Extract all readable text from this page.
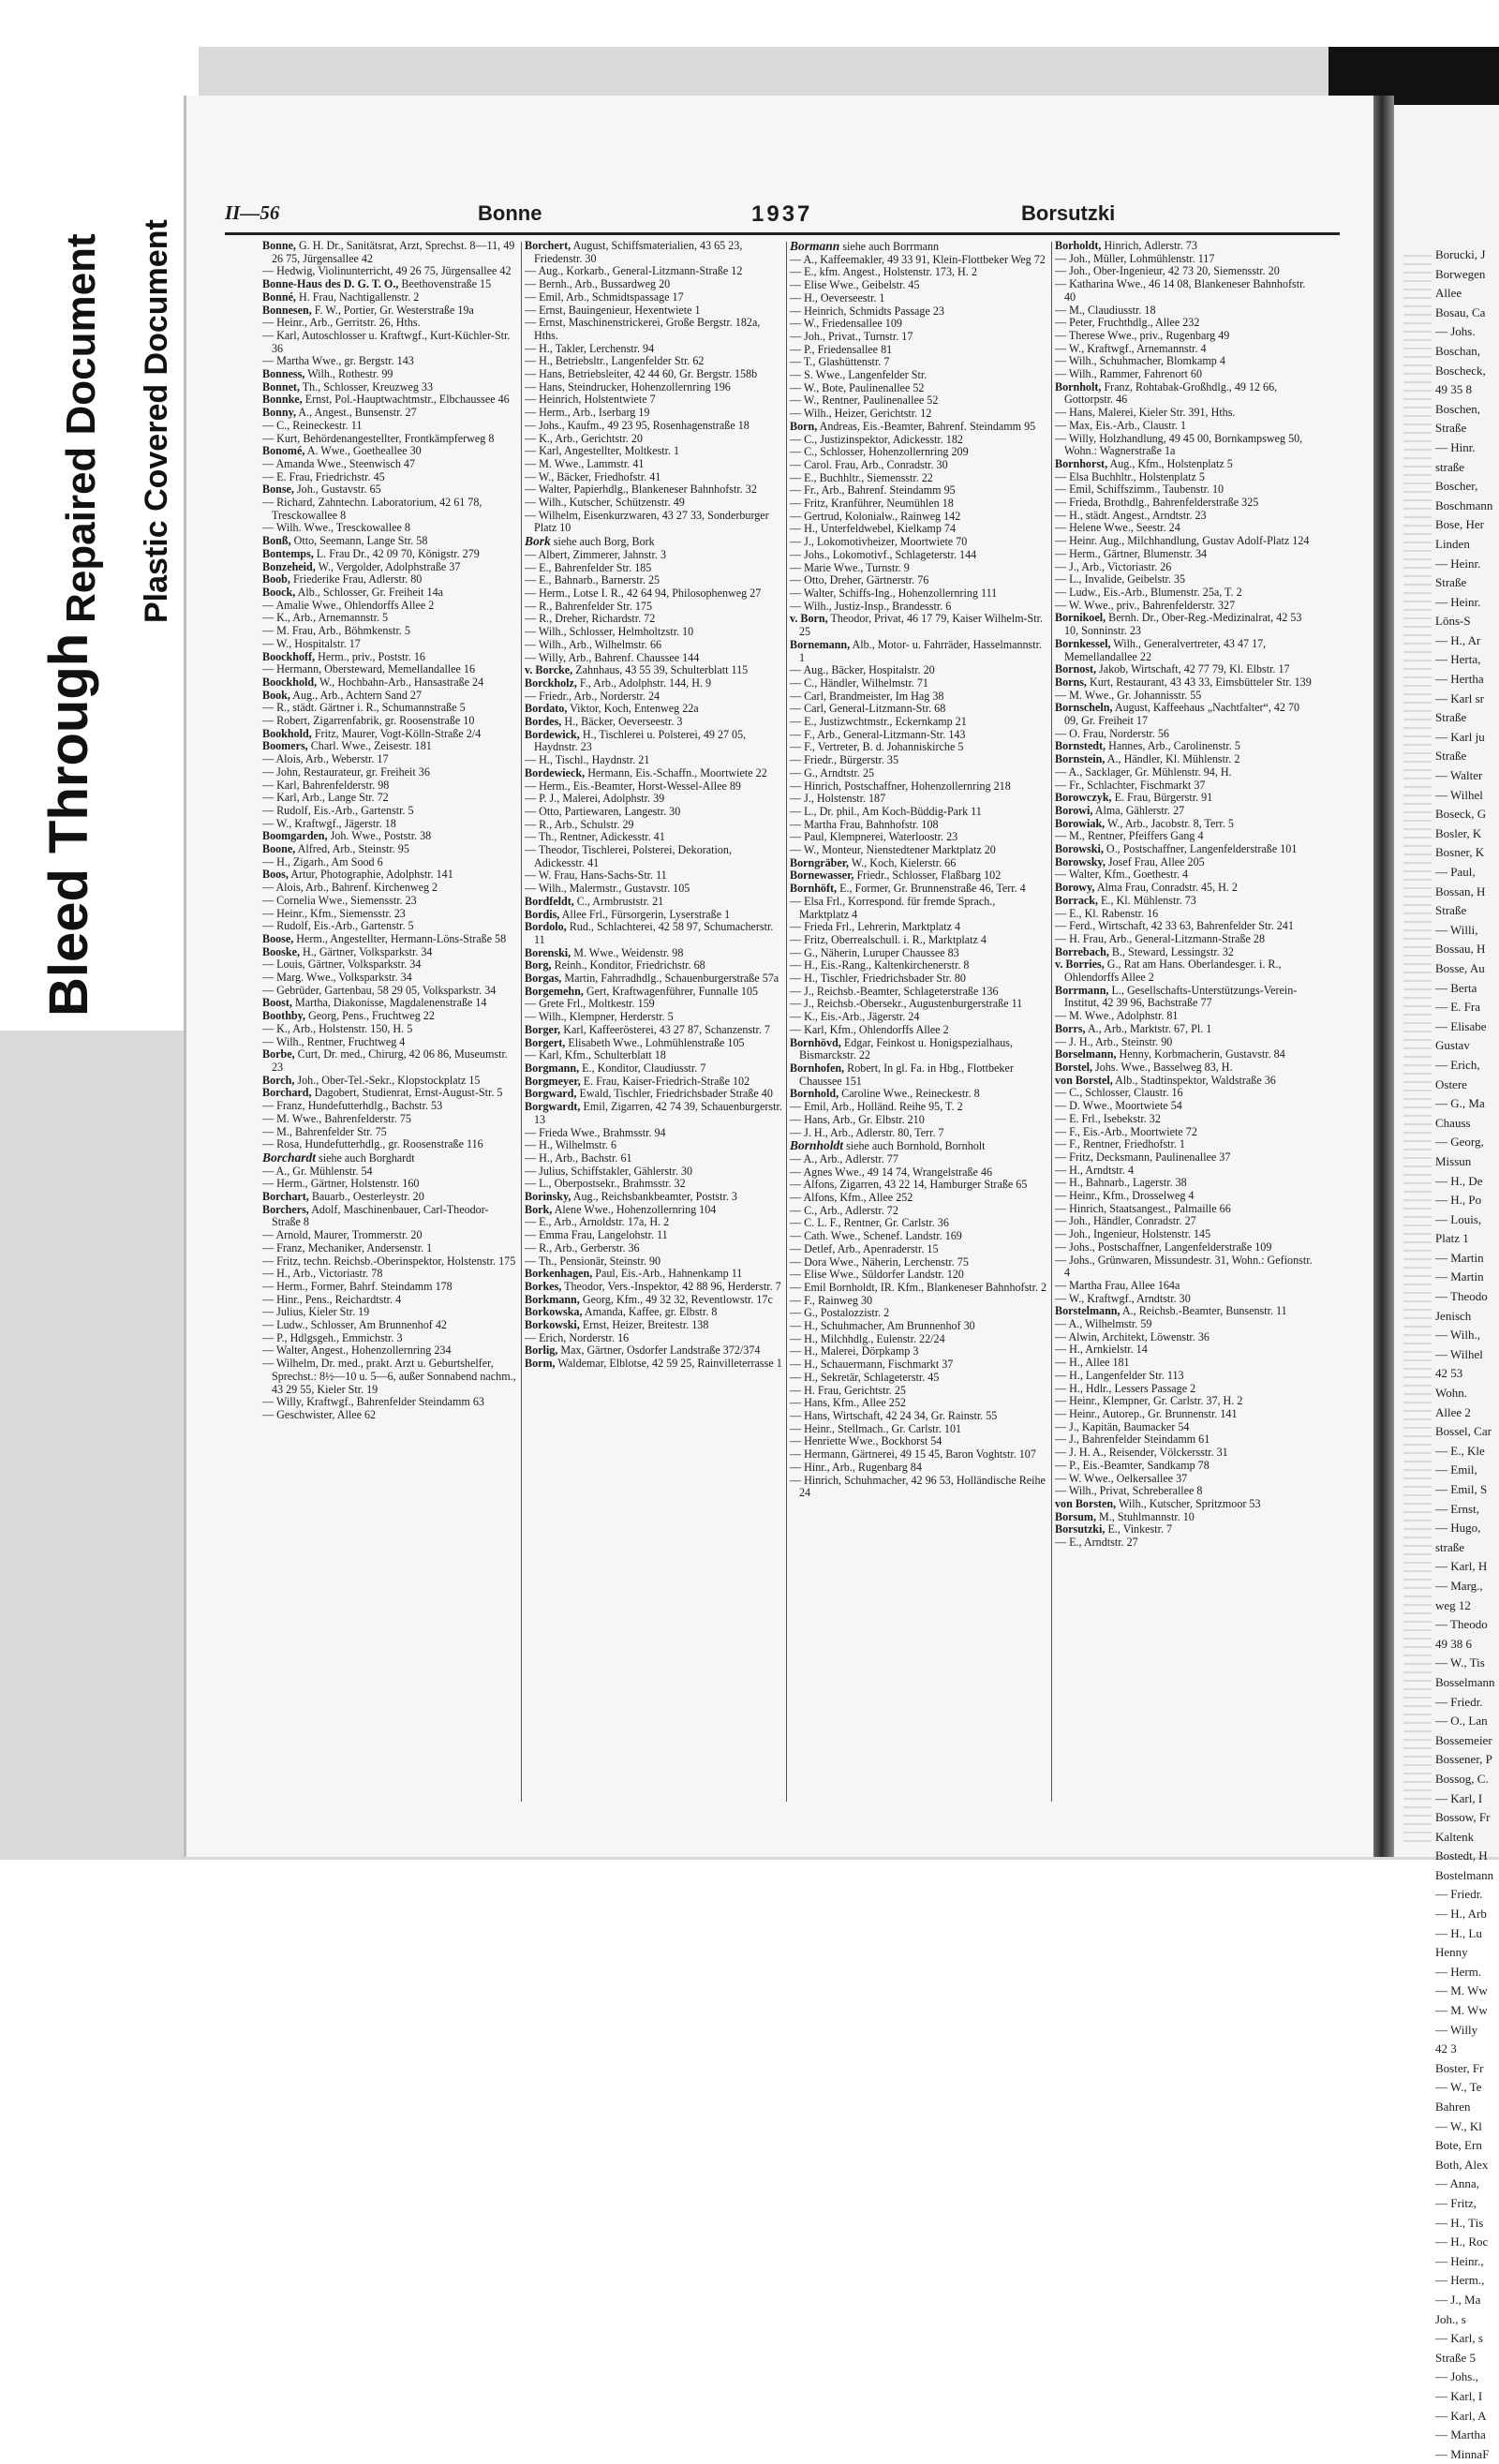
Bleed Through
Repaired Document Plastic Covered Document	Borucki, J
Borwegen
Allee
Bosau, Ca
— Johs.
Boschan,
Boscheck,
49 35 8
Boschen,
Straße
— Hinr.
straße
Boscher,
Boschmann
Bose, Her
Linden
— Heinr.
Straße
— Heinr.
Löns-S
— H., Ar
— Herta,
— Hertha
— Karl sr
Straße
— Karl ju
Straße
— Walter
— Wilhel
Boseck, G
Bosler, K
Bosner, K
— Paul,
Bossan, H
Straße
— Willi,
Bossau, H
Bosse, Au
— Berta
— E. Fra
— Elisabe
Gustav
— Erich,
Ostere
— G., Ma
Chauss
— Georg,
Missun
— H., De
— H., Po
— Louis,
Platz 1
— Martin
— Martin
— Theodo
Jenisch
— Wilh.,
— Wilhel
42 53
Wohn.
Allee 2
Bossel, Car
— E., Kle
— Emil,
— Emil, S
— Ernst,
— Hugo,
straße
— Karl, H
— Marg.,
weg 12
— Theodo
49 38 6
— W., Tis
Bosselmann
— Friedr.
— O., Lan
Bossemeier
Bossener, P
Bossog, C.
— Karl, I
Bossow, Fr
Kaltenk
Bostedt, H
Bostelmann
— Friedr.
— H., Arb
— H., Lu
Henny
— Herm.
— M. Ww
— M. Ww
— Willy
42 3
Boster, Fr
— W., Te
Bahren
— W., Kl
Bote, Ern
Both, Alex
— Anna,
— Fritz,
— H., Tis
— H., Roc
— Heinr.,
— Herm.,
— J., Ma
Joh., s
— Karl, s
Straße 5
— Johs.,
— Karl, I
— Karl, A
— Martha
— MinnaF
II—56	Bonne	1937	Borsutzki
Bonne, G. H. Dr., Sanitätsrat, Arzt, Sprechst. 8—11, 49 26 75, Jürgensallee 42
— Hedwig, Violinunterricht, 49 26 75, Jürgensallee 42
Bonne-Haus des D. G. T. O., Beethovenstraße 15
Bonné, H. Frau, Nachtigallenstr. 2
Bonnesen, F. W., Portier, Gr. Westerstraße 19a
— Heinr., Arb., Gerritstr. 26, Hths.
— Karl, Autoschlosser u. Kraftwgf., Kurt-Küchler-Str. 36
— Martha Wwe., gr. Bergstr. 143
Bonness, Wilh., Rothestr. 99
Bonnet, Th., Schlosser, Kreuzweg 33
Bonnke, Ernst, Pol.-Hauptwachtmstr., Elbchaussee 46
Bonny, A., Angest., Bunsenstr. 27
— C., Reineckestr. 11
— Kurt, Behördenangestellter, Frontkämpferweg 8
Bonomé, A. Wwe., Goetheallee 30
— Amanda Wwe., Steenwisch 47
— E. Frau, Friedrichstr. 45
Bonse, Joh., Gustavstr. 65
— Richard, Zahntechn. Laboratorium, 42 61 78, Tresckowallee 8
— Wilh. Wwe., Tresckowallee 8
Bonß, Otto, Seemann, Lange Str. 58
Bontemps, L. Frau Dr., 42 09 70, Königstr. 279
Bonzeheid, W., Vergolder, Adolphstraße 37
Boob, Friederike Frau, Adlerstr. 80
Boock, Alb., Schlosser, Gr. Freiheit 14a
— Amalie Wwe., Ohlendorffs Allee 2
— K., Arb., Arnemannstr. 5
— M. Frau, Arb., Böhmkenstr. 5
— W., Hospitalstr. 17
Boockhoff, Herm., priv., Poststr. 16
— Hermann, Obersteward, Memellandallee 16
Boockhold, W., Hochbahn-Arb., Hansastraße 24
Book, Aug., Arb., Achtern Sand 27
— R., städt. Gärtner i. R., Schumannstraße 5
— Robert, Zigarrenfabrik, gr. Roosenstraße 10
Bookhold, Fritz, Maurer, Vogt-Kölln-Straße 2/4
Boomers, Charl. Wwe., Zeisestr. 181
— Alois, Arb., Weberstr. 17
— John, Restaurateur, gr. Freiheit 36
— Karl, Bahrenfelderstr. 98
— Karl, Arb., Lange Str. 72
— Rudolf, Eis.-Arb., Gartenstr. 5
— W., Kraftwgf., Jägerstr. 18
Boomgarden, Joh. Wwe., Poststr. 38
Boone, Alfred, Arb., Steinstr. 95
— H., Zigarh., Am Sood 6
Boos, Artur, Photographie, Adolphstr. 141
— Alois, Arb., Bahrenf. Kirchenweg 2
— Cornelia Wwe., Siemensstr. 23
— Heinr., Kfm., Siemensstr. 23
— Rudolf, Eis.-Arb., Gartenstr. 5
Boose, Herm., Angestellter, Hermann-Löns-Straße 58
Booske, H., Gärtner, Volksparkstr. 34
— Louis, Gärtner, Volksparkstr. 34
— Marg. Wwe., Volksparkstr. 34
— Gebrüder, Gartenbau, 58 29 05, Volksparkstr. 34
Boost, Martha, Diakonisse, Magdalenenstraße 14
Boothby, Georg, Pens., Fruchtweg 22
— K., Arb., Holstenstr. 150, H. 5
— Wilh., Rentner, Fruchtweg 4
Borbe, Curt, Dr. med., Chirurg, 42 06 86, Museumstr. 23
Borch, Joh., Ober-Tel.-Sekr., Klopstockplatz 15
Borchard, Dagobert, Studienrat, Ernst-August-Str. 5
— Franz, Hundefutterhdlg., Bachstr. 53
— M. Wwe., Bahrenfelderstr. 75
— M., Bahrenfelder Str. 75
— Rosa, Hundefutterhdlg., gr. Roosenstraße 116
Borchardt siehe auch Borghardt
— A., Gr. Mühlenstr. 54
— Herm., Gärtner, Holstenstr. 160
Borchart, Bauarb., Oesterleystr. 20
Borchers, Adolf, Maschinenbauer, Carl-Theodor-Straße 8
— Arnold, Maurer, Trommerstr. 20
— Franz, Mechaniker, Andersenstr. 1
— Fritz, techn. Reichsb.-Oberinspektor, Holstenstr. 175
— H., Arb., Victoriastr. 78
— Herm., Former, Bahrf. Steindamm 178
— Hinr., Pens., Reichardtstr. 4
— Julius, Kieler Str. 19
— Ludw., Schlosser, Am Brunnenhof 42
— P., Hdlgsgeh., Emmichstr. 3
— Walter, Angest., Hohenzollernring 234
— Wilhelm, Dr. med., prakt. Arzt u. Geburtshelfer, Sprechst.: 8½—10 u. 5—6, außer Sonnabend nachm., 43 29 55, Kieler Str. 19
— Willy, Kraftwgf., Bahrenfelder Steindamm 63
— Geschwister, Allee 62
Borchert, August, Schiffsmaterialien, 43 65 23, Friedenstr. 30
— Aug., Korkarb., General-Litzmann-Straße 12
— Bernh., Arb., Bussardweg 20
— Emil, Arb., Schmidtspassage 17
— Ernst, Bauingenieur, Hexentwiete 1
— Ernst, Maschinenstrickerei, Große Bergstr. 182a, Hths.
— H., Takler, Lerchenstr. 94
— H., Betriebsltr., Langenfelder Str. 62
— Hans, Betriebsleiter, 42 44 60, Gr. Bergstr. 158b
— Hans, Steindrucker, Hohenzollernring 196
— Heinrich, Holstentwiete 7
— Herm., Arb., Iserbarg 19
— Johs., Kaufm., 49 23 95, Rosenhagenstraße 18
— K., Arb., Gerichtstr. 20
— Karl, Angestellter, Moltkestr. 1
— M. Wwe., Lammstr. 41
— W., Bäcker, Friedhofstr. 41
— Walter, Papierhdlg., Blankeneser Bahnhofstr. 32
— Wilh., Kutscher, Schützenstr. 49
— Wilhelm, Eisenkurzwaren, 43 27 33, Sonderburger Platz 10
Bork siehe auch Borg, Bork
— Albert, Zimmerer, Jahnstr. 3
— E., Bahrenfelder Str. 185
— E., Bahnarb., Barnerstr. 25
— Herm., Lotse I. R., 42 64 94, Philosophenweg 27
— R., Bahrenfelder Str. 175
— R., Dreher, Richardstr. 72
— Wilh., Schlosser, Helmholtzstr. 10
— Wilh., Arb., Wilhelmstr. 66
— Willy, Arb., Bahrenf. Chaussee 144
v. Borcke, Zahnhaus, 43 55 39, Schulterblatt 115
Borckholz, F., Arb., Adolphstr. 144, H. 9
— Friedr., Arb., Norderstr. 24
Bordato, Viktor, Koch, Entenweg 22a
Bordes, H., Bäcker, Oeverseestr. 3
Bordewick, H., Tischlerei u. Polsterei, 49 27 05, Haydnstr. 23
— H., Tischl., Haydnstr. 21
Bordewieck, Hermann, Eis.-Schaffn., Moortwiete 22
— Herm., Eis.-Beamter, Horst-Wessel-Allee 89
— P. J., Malerei, Adolphstr. 39
— Otto, Partiewaren, Langestr. 30
— R., Arb., Schulstr. 29
— Th., Rentner, Adickesstr. 41
— Theodor, Tischlerei, Polsterei, Dekoration, Adickesstr. 41
— W. Frau, Hans-Sachs-Str. 11
— Wilh., Malermstr., Gustavstr. 105
Bordfeldt, C., Armbruststr. 21
Bordis, Allee Frl., Fürsorgerin, Lyserstraße 1
Bordolo, Rud., Schlachterei, 42 58 97, Schumacherstr. 11
Borenski, M. Wwe., Weidenstr. 98
Borg, Reinh., Konditor, Friedrichstr. 68
Borgas, Martin, Fahrradhdlg., Schauenburgerstraße 57a
Borgemehn, Gert, Kraftwagenführer, Funnalle 105
— Grete Frl., Moltkestr. 159
— Wilh., Klempner, Herderstr. 5
Borger, Karl, Kaffeerösterei, 43 27 87, Schanzenstr. 7
Borgert, Elisabeth Wwe., Lohmühlenstraße 105
— Karl, Kfm., Schulterblatt 18
Borgmann, E., Konditor, Claudiusstr. 7
Borgmeyer, E. Frau, Kaiser-Friedrich-Straße 102
Borgward, Ewald, Tischler, Friedrichsbader Straße 40
Borgwardt, Emil, Zigarren, 42 74 39, Schauenburgerstr. 13
— Frieda Wwe., Brahmsstr. 94
— H., Wilhelmstr. 6
— H., Arb., Bachstr. 61
— Julius, Schiffstakler, Gählerstr. 30
— L., Oberpostsekr., Brahmsstr. 32
Borinsky, Aug., Reichsbankbeamter, Poststr. 3
Bork, Alene Wwe., Hohenzollernring 104
— E., Arb., Arnoldstr. 17a, H. 2
— Emma Frau, Langelohstr. 11
— R., Arb., Gerberstr. 36
— Th., Pensionär, Steinstr. 90
Borkenhagen, Paul, Eis.-Arb., Hahnenkamp 11
Borkes, Theodor, Vers.-Inspektor, 42 88 96, Herderstr. 7
Borkmann, Georg, Kfm., 49 32 32, Reventlowstr. 17c
Borkowska, Amanda, Kaffee, gr. Elbstr. 8
Borkowski, Ernst, Heizer, Breitestr. 138
— Erich, Norderstr. 16
Borlig, Max, Gärtner, Osdorfer Landstraße 372/374
Borm, Waldemar, Elblotse, 42 59 25, Rainvilleterrasse 1
Bormann siehe auch Borrmann
— A., Kaffeemakler, 49 33 91, Klein-Flottbeker Weg 72
— E., kfm. Angest., Holstenstr. 173, H. 2
— Elise Wwe., Geibelstr. 45
— H., Oeverseestr. 1
— Heinrich, Schmidts Passage 23
— W., Friedensallee 109
— Joh., Privat., Turnstr. 17
— P., Friedensallee 81
— T., Glashüttenstr. 7
— S. Wwe., Langenfelder Str.
— W., Bote, Paulinenallee 52
— W., Rentner, Paulinenallee 52
— Wilh., Heizer, Gerichtstr. 12
Born, Andreas, Eis.-Beamter, Bahrenf. Steindamm 95
— C., Justizinspektor, Adickesstr. 182
— C., Schlosser, Hohenzollernring 209
— Carol. Frau, Arb., Conradstr. 30
— E., Buchhltr., Siemensstr. 22
— Fr., Arb., Bahrenf. Steindamm 95
— Fritz, Kranführer, Neumühlen 18
— Gertrud, Kolonialw., Rainweg 142
— H., Unterfeldwebel, Kielkamp 74
— J., Lokomotivheizer, Moortwiete 70
— Johs., Lokomotivf., Schlageterstr. 144
— Marie Wwe., Turnstr. 9
— Otto, Dreher, Gärtnerstr. 76
— Walter, Schiffs-Ing., Hohenzollernring 111
— Wilh., Justiz-Insp., Brandesstr. 6
v. Born, Theodor, Privat, 46 17 79, Kaiser Wilhelm-Str. 25
Bornemann, Alb., Motor- u. Fahrräder, Hasselmannstr. 1
— Aug., Bäcker, Hospitalstr. 20
— C., Händler, Wilhelmstr. 71
— Carl, Brandmeister, Im Hag 38
— Carl, General-Litzmann-Str. 68
— E., Justizwchtmstr., Eckernkamp 21
— F., Arb., General-Litzmann-Str. 143
— F., Vertreter, B. d. Johanniskirche 5
— Friedr., Bürgerstr. 35
— G., Arndtstr. 25
— Hinrich, Postschaffner, Hohenzollernring 218
— J., Holstenstr. 187
— L., Dr. phil., Am Koch-Büddig-Park 11
— Martha Frau, Bahnhofstr. 108
— Paul, Klempnerei, Waterloostr. 23
— W., Monteur, Nienstedtener Marktplatz 20
Borngräber, W., Koch, Kielerstr. 66
Bornewasser, Friedr., Schlosser, Flaßbarg 102
Bornhöft, E., Former, Gr. Brunnenstraße 46, Terr. 4
— Elsa Frl., Korrespond. für fremde Sprach., Marktplatz 4
— Frieda Frl., Lehrerin, Marktplatz 4
— Fritz, Oberrealschull. i. R., Marktplatz 4
— G., Näherin, Luruper Chaussee 83
— H., Eis.-Rang., Kaltenkirchenerstr. 8
— H., Tischler, Friedrichsbader Str. 80
— J., Reichsb.-Beamter, Schlageterstraße 136
— J., Reichsb.-Obersekr., Augustenburgerstraße 11
— K., Eis.-Arb., Jägerstr. 24
— Karl, Kfm., Ohlendorffs Allee 2
Bornhövd, Edgar, Feinkost u. Honigspezialhaus, Bismarckstr. 22
Bornhofen, Robert, In gl. Fa. in Hbg., Flottbeker Chaussee 151
Bornhold, Caroline Wwe., Reineckestr. 8
— Emil, Arb., Holländ. Reihe 95, T. 2
— Hans, Arb., Gr. Elbstr. 210
— J. H., Arb., Adlerstr. 80, Terr. 7
Bornholdt siehe auch Bornhold, Bornholt
— A., Arb., Adlerstr. 77
— Agnes Wwe., 49 14 74, Wrangelstraße 46
— Alfons, Zigarren, 43 22 14, Hamburger Straße 65
— Alfons, Kfm., Allee 252
— C., Arb., Adlerstr. 72
— C. L. F., Rentner, Gr. Carlstr. 36
— Cath. Wwe., Schenef. Landstr. 169
— Detlef, Arb., Apenraderstr. 15
— Dora Wwe., Näherin, Lerchenstr. 75
— Elise Wwe., Süldorfer Landstr. 120
— Emil Bornholdt, IR. Kfm., Blankeneser Bahnhofstr. 2
— F., Rainweg 30
— G., Postalozzistr. 2
— H., Schuhmacher, Am Brunnenhof 30
— H., Milchhdlg., Eulenstr. 22/24
— H., Malerei, Dörpkamp 3
— H., Schauermann, Fischmarkt 37
— H., Sekretär, Schlageterstr. 45
— H. Frau, Gerichtstr. 25
— Hans, Kfm., Allee 252
— Hans, Wirtschaft, 42 24 34, Gr. Rainstr. 55
— Heinr., Stellmach., Gr. Carlstr. 101
— Henriette Wwe., Bockhorst 54
— Hermann, Gärtnerei, 49 15 45, Baron Voghtstr. 107
— Hinr., Arb., Rugenbarg 84
— Hinrich, Schuhmacher, 42 96 53, Holländische Reihe 24
Borholdt, Hinrich, Adlerstr. 73
— Joh., Müller, Lohmühlenstr. 117
— Joh., Ober-Ingenieur, 42 73 20, Siemensstr. 20
— Katharina Wwe., 46 14 08, Blankeneser Bahnhofstr. 40
— M., Claudiusstr. 18
— Peter, Fruchthdlg., Allee 232
— Therese Wwe., priv., Rugenbarg 49
— W., Kraftwgf., Arnemannstr. 4
— Wilh., Schuhmacher, Blomkamp 4
— Wilh., Rammer, Fahrenort 60
Bornholt, Franz, Rohtabak-Großhdlg., 49 12 66, Gottorpstr. 46
— Hans, Malerei, Kieler Str. 391, Hths.
— Max, Eis.-Arb., Claustr. 1
— Willy, Holzhandlung, 49 45 00, Bornkampsweg 50, Wohn.: Wagnerstraße 1a
Bornhorst, Aug., Kfm., Holstenplatz 5
— Elsa Buchhltr., Holstenplatz 5
— Emil, Schiffszimm., Taubenstr. 10
— Frieda, Brothdlg., Bahrenfelderstraße 325
— H., städt. Angest., Arndtstr. 23
— Helene Wwe., Seestr. 24
— Heinr. Aug., Milchhandlung, Gustav Adolf-Platz 124
— Herm., Gärtner, Blumenstr. 34
— J., Arb., Victoriastr. 26
— L., Invalide, Geibelstr. 35
— Ludw., Eis.-Arb., Blumenstr. 25a, T. 2
— W. Wwe., priv., Bahrenfelderstr. 327
Bornikoel, Bernh. Dr., Ober-Reg.-Medizinalrat, 42 53 10, Sonninstr. 23
Bornkessel, Wilh., Generalvertreter, 43 47 17, Memellandallee 22
Bornost, Jakob, Wirtschaft, 42 77 79, Kl. Elbstr. 17
Borns, Kurt, Restaurant, 43 43 33, Eimsbütteler Str. 139
— M. Wwe., Gr. Johannisstr. 55
Bornscheln, August, Kaffeehaus „Nachtfalter“, 42 70 09, Gr. Freiheit 17
— O. Frau, Norderstr. 56
Bornstedt, Hannes, Arb., Carolinenstr. 5
Bornstein, A., Händler, Kl. Mühlenstr. 2
— A., Sacklager, Gr. Mühlenstr. 94, H.
— Fr., Schlachter, Fischmarkt 37
Borowczyk, E. Frau, Bürgerstr. 91
Borowi, Alma, Gählerstr. 27
Borowiak, W., Arb., Jacobstr. 8, Terr. 5
— M., Rentner, Pfeiffers Gang 4
Borowski, O., Postschaffner, Langenfelderstraße 101
Borowsky, Josef Frau, Allee 205
— Walter, Kfm., Goethestr. 4
Borowy, Alma Frau, Conradstr. 45, H. 2
Borrack, E., Kl. Mühlenstr. 73
— E., Kl. Rabenstr. 16
— Ferd., Wirtschaft, 42 33 63, Bahrenfelder Str. 241
— H. Frau, Arb., General-Litzmann-Straße 28
Borrebach, B., Steward, Lessingstr. 32
v. Borries, G., Rat am Hans. Oberlandesger. i. R., Ohlendorffs Allee 2
Borrmann, L., Gesellschafts-Unterstützungs-Verein-Institut, 42 39 96, Bachstraße 77
— M. Wwe., Adolphstr. 81
Borrs, A., Arb., Marktstr. 67, Pl. 1
— J. H., Arb., Steinstr. 90
Borselmann, Henny, Korbmacherin, Gustavstr. 84
Borstel, Johs. Wwe., Basselweg 83, H.
von Borstel, Alb., Stadtinspektor, Waldstraße 36
— C., Schlosser, Claustr. 16
— D. Wwe., Moortwiete 54
— E. Frl., Isebekstr. 32
— F., Eis.-Arb., Moortwiete 72
— F., Rentner, Friedhofstr. 1
— Fritz, Decksmann, Paulinenallee 37
— H., Arndtstr. 4
— H., Bahnarb., Lagerstr. 38
— Heinr., Kfm., Drosselweg 4
— Hinrich, Staatsangest., Palmaille 66
— Joh., Händler, Conradstr. 27
— Joh., Ingenieur, Holstenstr. 145
— Johs., Postschaffner, Langenfelderstraße 109
— Johs., Grünwaren, Missundestr. 31, Wohn.: Gefionstr. 4
— Martha Frau, Allee 164a
— W., Kraftwgf., Arndtstr. 30
Borstelmann, A., Reichsb.-Beamter, Bunsenstr. 11
— A., Wilhelmstr. 59
— Alwin, Architekt, Löwenstr. 36
— H., Arnkielstr. 14
— H., Allee 181
— H., Langenfelder Str. 113
— H., Hdlr., Lessers Passage 2
— Heinr., Klempner, Gr. Carlstr. 37, H. 2
— Heinr., Autorep., Gr. Brunnenstr. 141
— J., Kapitän, Baumacker 54
— J., Bahrenfelder Steindamm 61
— J. H. A., Reisender, Völckersstr. 31
— P., Eis.-Beamter, Sandkamp 78
— W. Wwe., Oelkersallee 37
— Wilh., Privat, Schreberallee 8
von Borsten, Wilh., Kutscher, Spritzmoor 53
Borsum, M., Stuhlmannstr. 10
Borsutzki, E., Vinkestr. 7
— E., Arndtstr. 27
